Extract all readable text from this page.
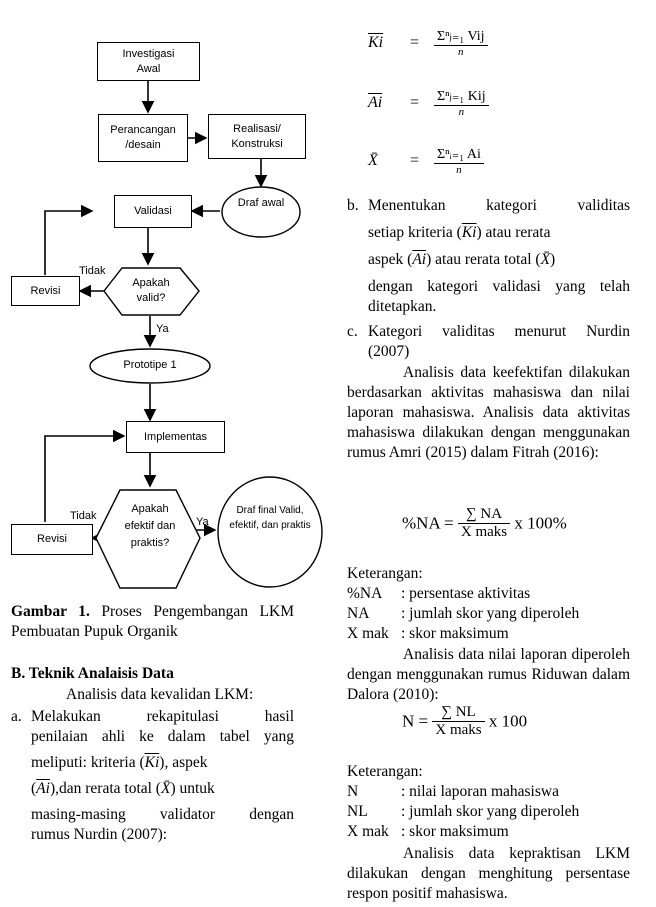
Investigasi Awal
Perancangan /desain
Realisasi/ Konstruksi
Draf awal
Validasi
Revisi
Apakah valid?
Tidak
Ya
Prototipe 1
Implementas
Apakah efektif dan praktis?
Revisi
Tidak	Ya
Draf final Valid, efektif, dan praktis
Gambar 1. Proses Pengembangan LKM Pembuatan Pupuk Organik
B. Teknik Analaisis Data
Analisis data kevalidan LKM:
a. Melakukan rekapitulasi hasil
penilaian ahli ke dalam tabel yang
meliputi: kriteria $(\overline{Ki})$, aspek
$(\overline{Ai}),dan$ rerata total (X̄) untuk
masing-masing validator dengan
rumus Nurdin (2007):
$\overline{Ki} = \frac{\text{Σⁿⱼ₌₁ Vij}}{n}$
$\overline{Ai} = \frac{\text{Σⁿⱼ₌₁ Kij}}{n}$
X̄ = $\frac{\text{Σⁿᵢ₌₁ Ai}}{n}$
b. Menentukan kategori validitas
setiap kriteria $(\overline{Ki})$ atau rerata
aspek $(\overline{Ai})$ atau rerata total (X̄)
dengan kategori validasi yang telah
ditetapkan.
c. Kategori validitas menurut Nurdin
(2007)
Analisis data keefektifan dilakukan berdasarkan aktivitas mahasiswa dan nilai laporan mahasiswa. Analisis data aktivitas mahasiswa dilakukan dengan menggunakan rumus Amri (2015) dalam Fitrah (2016):
$\%NA = \frac{\sum NA}{\text{X maks}}$ x 100%
Keterangan:
%NA : persentase aktivitas
NA : jumlah skor yang diperoleh
X mak : skor maksimum
Analisis data nilai laporan diperoleh dengan menggunakan rumus Riduwan dalam Dalora (2010):
$N = \frac{\sum NL}{\text{X maks}}$ x 100
Keterangan:
N	: nilai laporan mahasiswa
NL : jumlah skor yang diperoleh
X mak : skor maksimum
Analisis data kepraktisan LKM dilakukan dengan menghitung persentase respon positif mahasiswa.
